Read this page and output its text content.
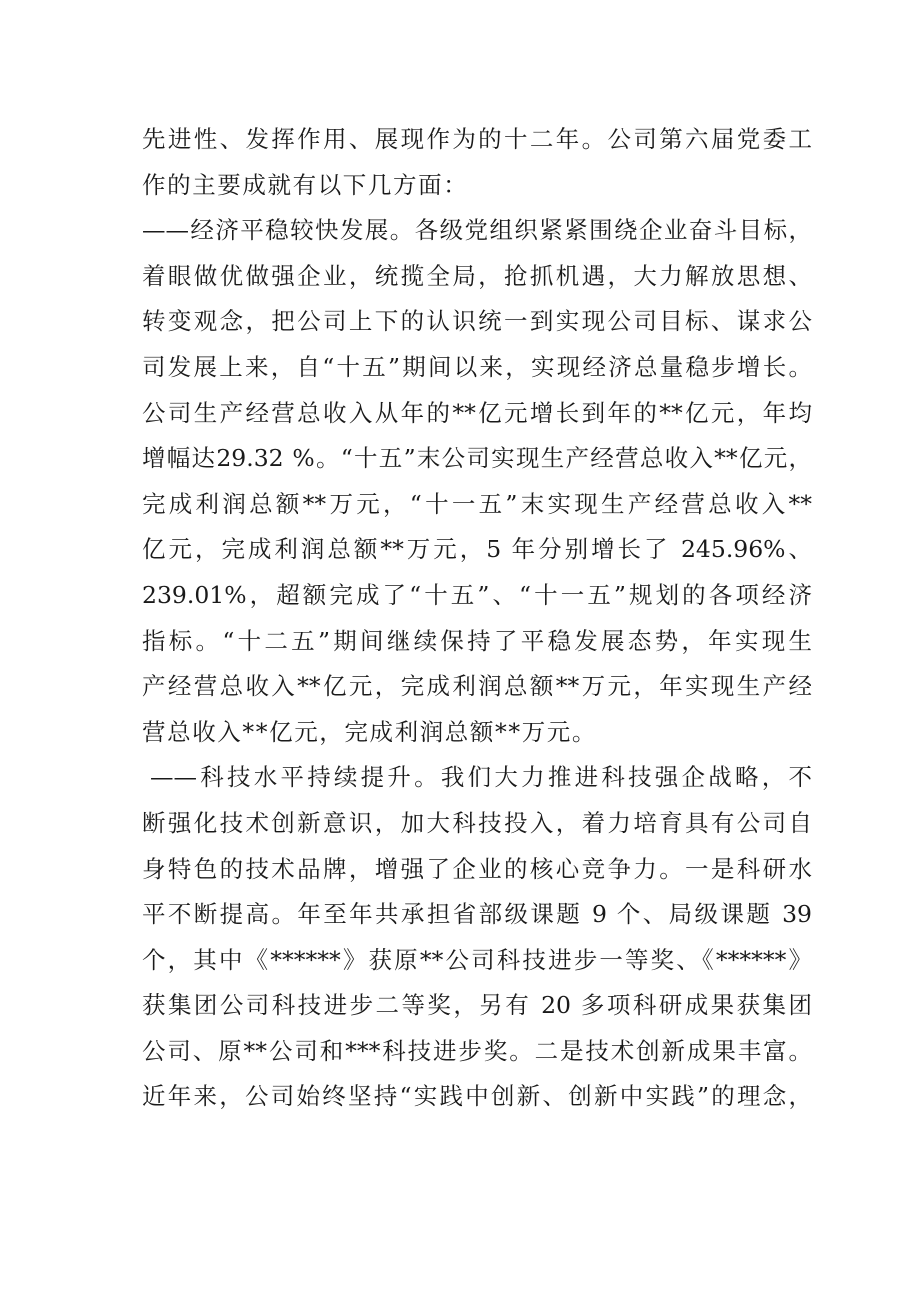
先进性、发挥作用、展现作为的十二年。公司第六届党委工
作的主要成就有以下几方面：
——经济平稳较快发展。各级党组织紧紧围绕企业奋斗目标，
着眼做优做强企业，统揽全局，抢抓机遇，大力解放思想、
转变观念，把公司上下的认识统一到实现公司目标、谋求公
司发展上来，自“十五”期间以来，实现经济总量稳步增长。
公司生产经营总收入从年的**亿元增长到年的**亿元，年均
增幅达29.32 %。“十五”末公司实现生产经营总收入**亿元，
完成利润总额**万元，“十一五”末实现生产经营总收入**
亿元，完成利润总额**万元，5 年分别增长了 245.96%、
239.01%，超额完成了“十五”、“十一五”规划的各项经济
指标。“十二五”期间继续保持了平稳发展态势，年实现生
产经营总收入**亿元，完成利润总额**万元，年实现生产经
营总收入**亿元，完成利润总额**万元。
——科技水平持续提升。我们大力推进科技强企战略，不
断强化技术创新意识，加大科技投入，着力培育具有公司自
身特色的技术品牌，增强了企业的核心竞争力。一是科研水
平不断提高。年至年共承担省部级课题 9 个、局级课题 39
个，其中《******》获原**公司科技进步一等奖、《******》
获集团公司科技进步二等奖，另有 20 多项科研成果获集团
公司、原**公司和***科技进步奖。二是技术创新成果丰富。
近年来，公司始终坚持“实践中创新、创新中实践”的理念，
